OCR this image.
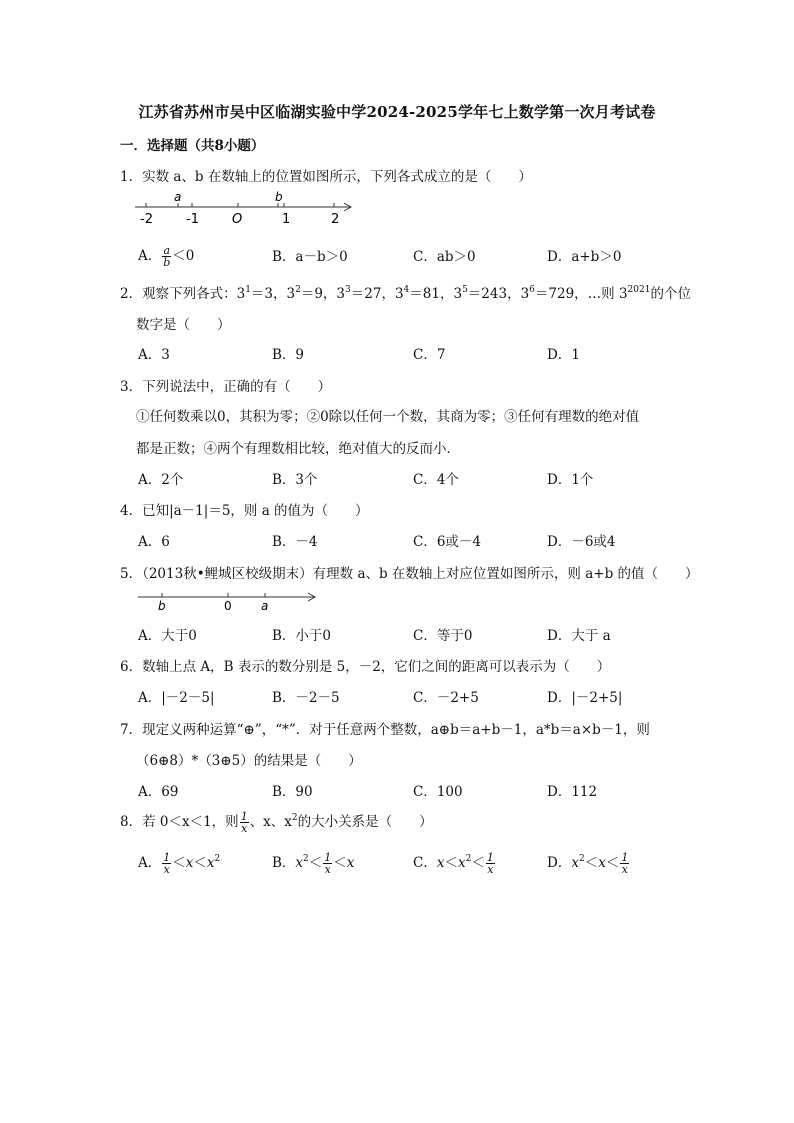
江苏省苏州市吴中区临湖实验中学2024-2025学年七上数学第一次月考试卷
一．选择题（共8小题）
1．实数 a、b 在数轴上的位置如图所示，下列各式成立的是（　　）
-2	-1	O	1	2
a	b
A． $\frac{a}{b} <0$	B．a－b＞0	C．ab＞0	D．a+b＞0
2．观察下列各式：$3^1=3$，$3^2=9$，$3^3=27$，$3^4=81$，$3^5=243$，$3^6=729$，…则 $3^{2021}$的个位
数字是（　　）
A．3	B．9	C．7	D．1
3．下列说法中，正确的有（　　）
①任何数乘以0，其积为零；②0除以任何一个数，其商为零；③任何有理数的绝对值
都是正数；④两个有理数相比较，绝对值大的反而小．
A．2个	B．3个	C．4个	D．1个
4．已知|a－1|＝5，则 a 的值为（　　）
A．6	B．－4	C．6或－4	D．－6或4
5．（2013秋•鲤城区校级期末）有理数 a、b 在数轴上对应位置如图所示，则 a+b 的值（　　）
b	0 a
A．大于0	B．小于0	C．等于0	D．大于 a
6．数轴上点 A，B 表示的数分别是 5，－2，它们之间的距离可以表示为（　　）
A．|－2－5|	B．－2－5	C．－2+5	D．|－2+5|
7．现定义两种运算“⊕”，“*”．对于任意两个整数，a⊕b＝a+b－1，a*b＝a×b－1，则
（6⊕8）*（3⊕5）的结果是（　　）
A．69	B．90	C．100	D．112
8．若 0＜x＜1，则 $\frac{1}{x}$ 、x、$x^2$的大小关系是（　　）
A． $\frac{1}{x} <x<x^2$	B．$x^2< \frac{1}{x} <x$	C．$x<x^2< \frac{1}{x}$	D．$x^2<x< \frac{1}{x}$
